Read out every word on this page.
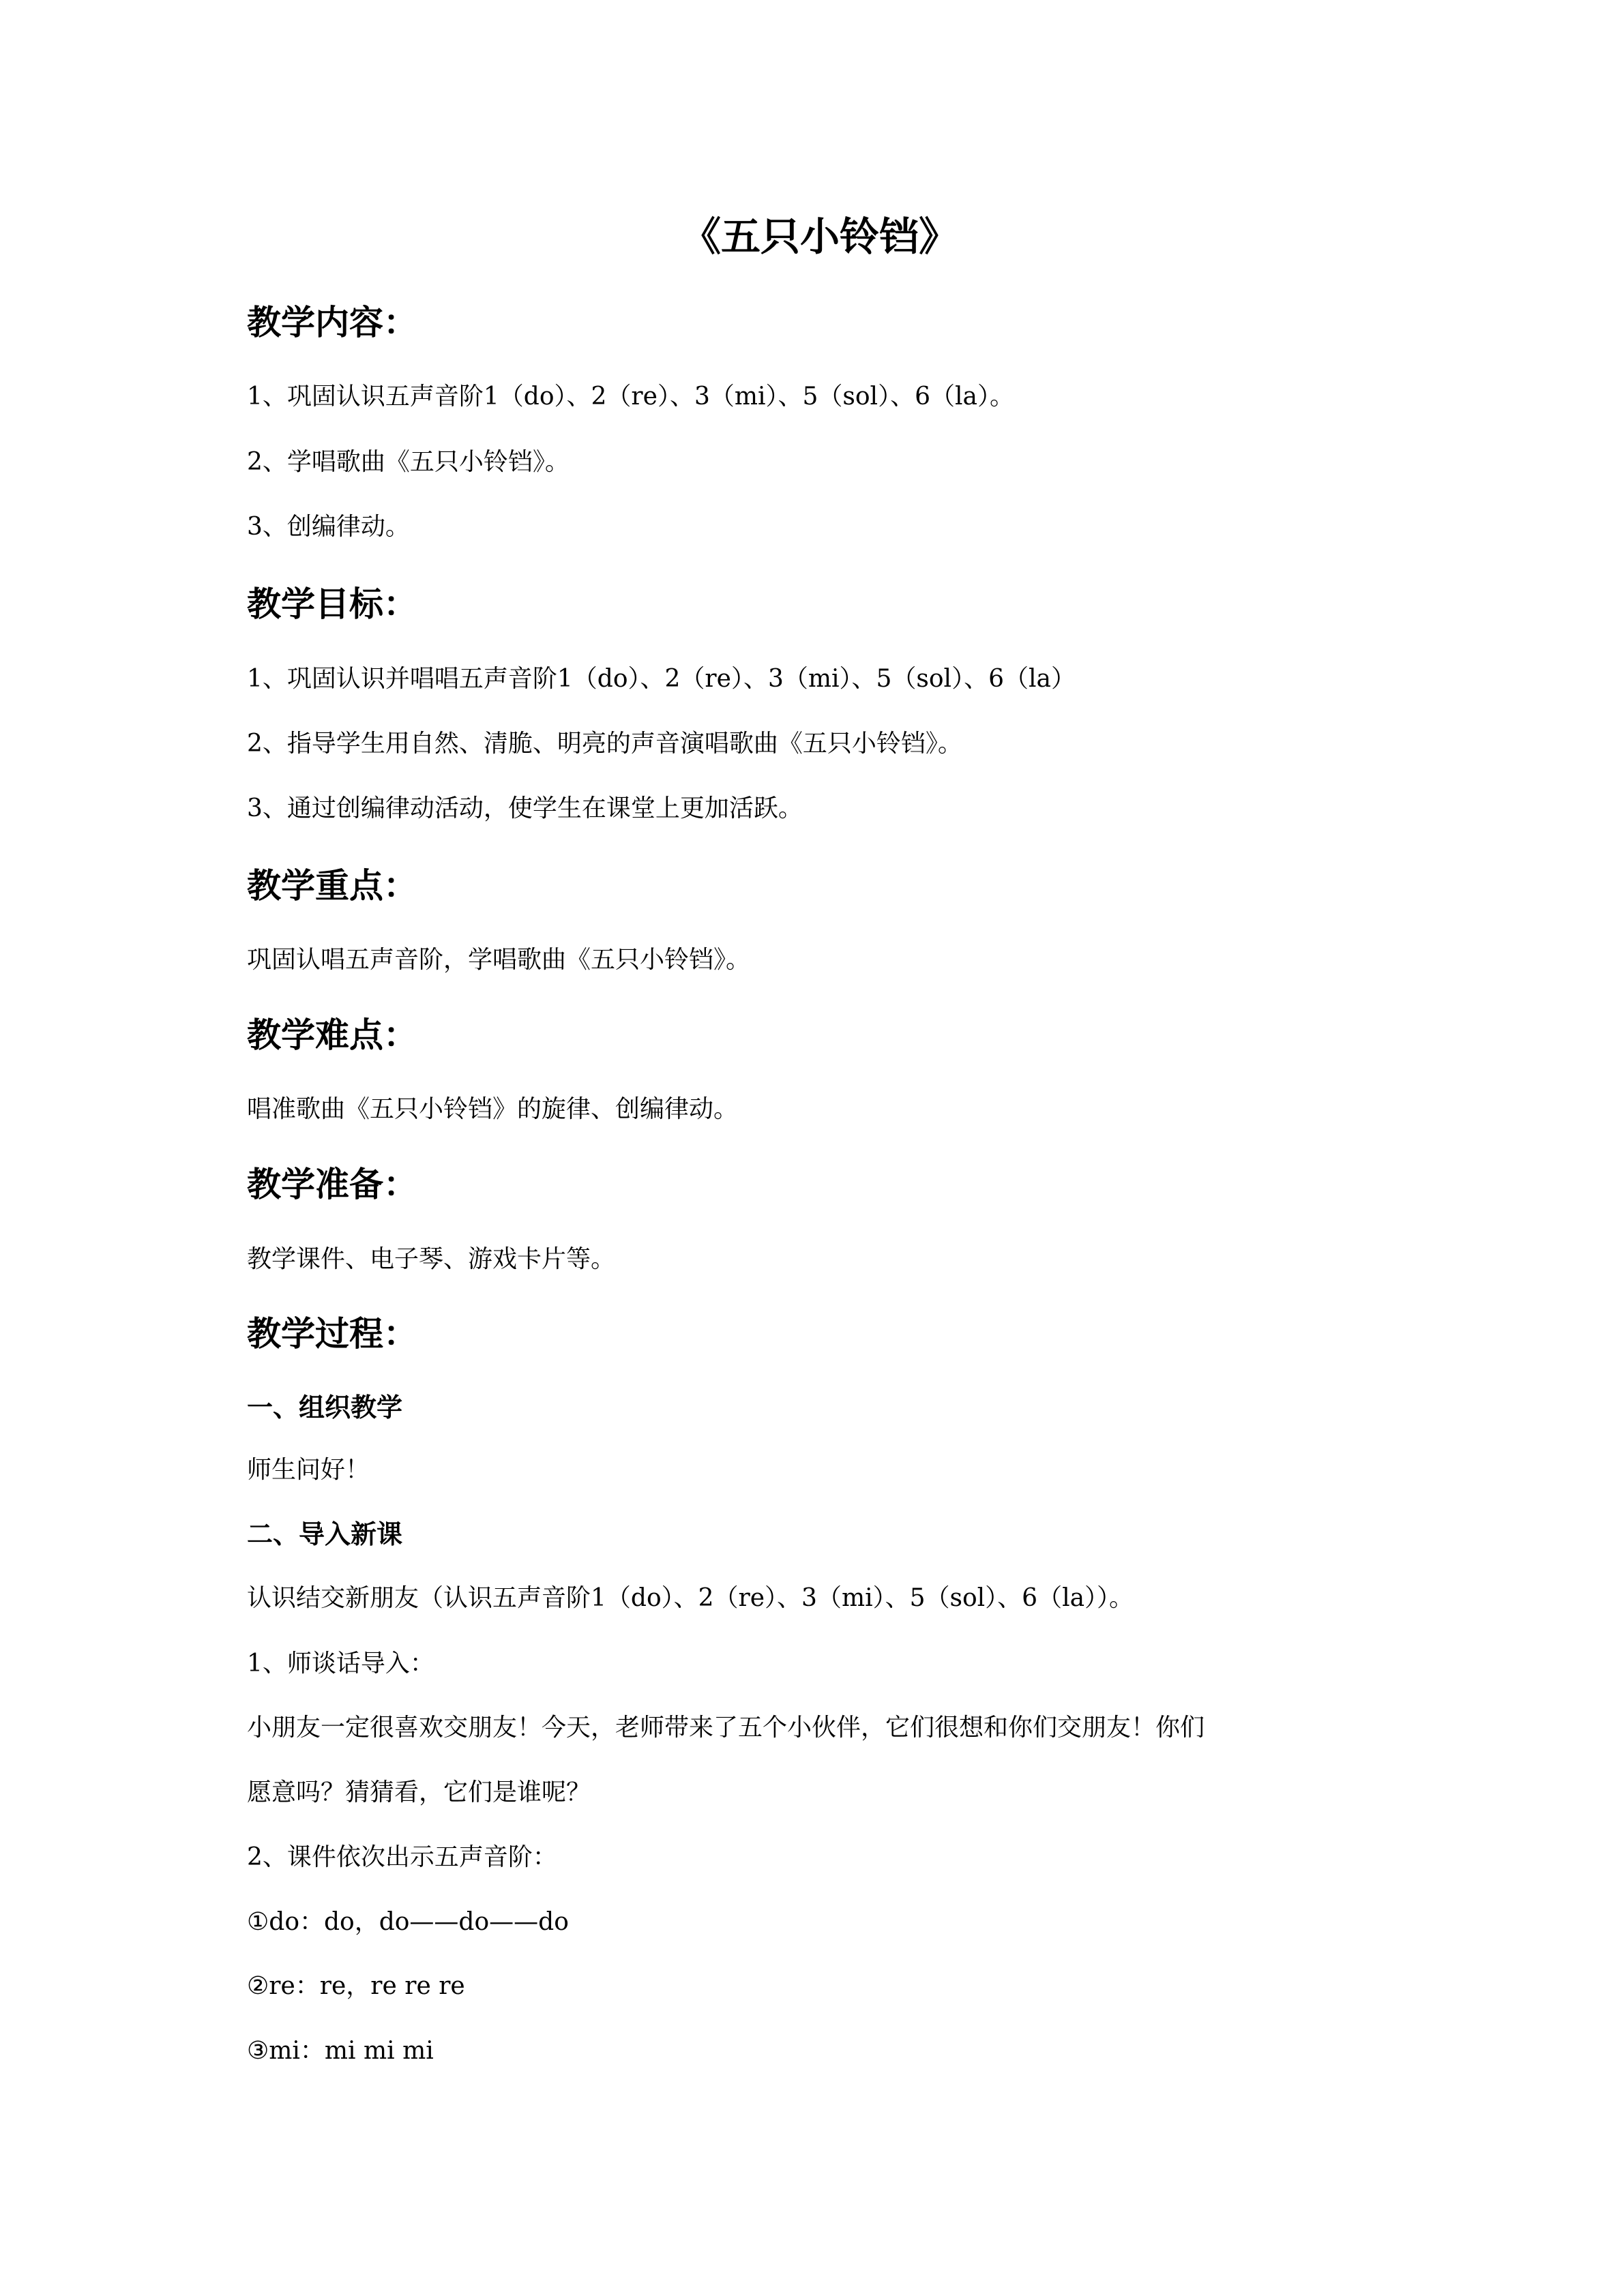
《五只小铃铛》
教学内容：

1、巩固认识五声音阶1（do）、2（re）、3（mi）、5（sol）、6（la）。

2、学唱歌曲《五只小铃铛》。

3、创编律动。

教学目标：

1、巩固认识并唱唱五声音阶1（do）、2（re）、3（mi）、5（sol）、6（la）

2、指导学生用自然、清脆、明亮的声音演唱歌曲《五只小铃铛》。

3、通过创编律动活动，使学生在课堂上更加活跃。

教学重点：

巩固认唱五声音阶，学唱歌曲《五只小铃铛》。

教学难点：

唱准歌曲《五只小铃铛》的旋律、创编律动。

教学准备：

教学课件、电子琴、游戏卡片等。

教学过程：
一、组织教学

师生问好！

二、导入新课

认识结交新朋友（认识五声音阶1（do）、2（re）、3（mi）、5（sol）、6（la））。

1、师谈话导入：

小朋友一定很喜欢交朋友！今天，老师带来了五个小伙伴，它们很想和你们交朋友！你们

愿意吗？猜猜看，它们是谁呢？

2、课件依次出示五声音阶：

①do：do，do——do——do

②re：re，re re re

③mi：mi mi mi
